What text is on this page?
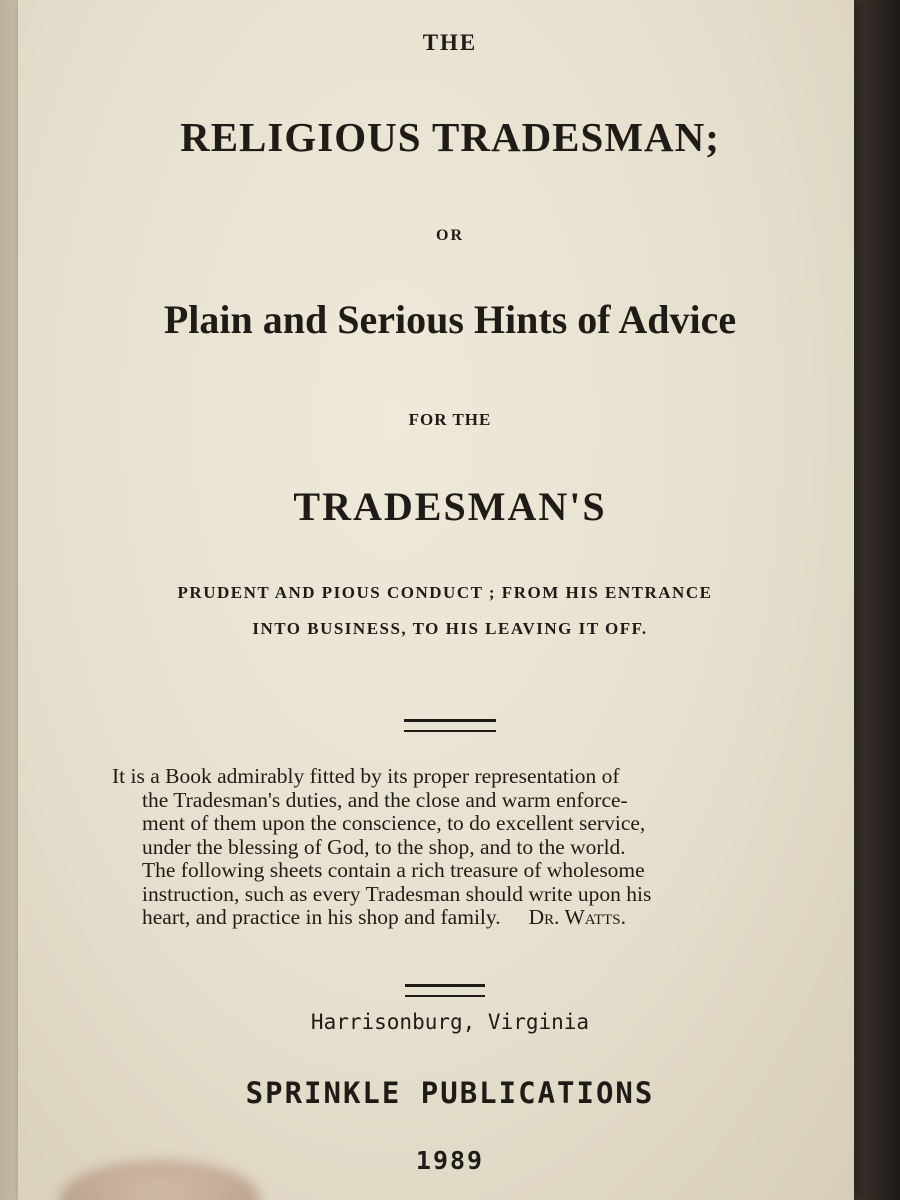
THE
RELIGIOUS TRADESMAN;
OR
Plain and Serious Hints of Advice
FOR THE
TRADESMAN'S
PRUDENT AND PIOUS CONDUCT ; FROM HIS ENTRANCE
INTO BUSINESS, TO HIS LEAVING IT OFF.
It is a Book admirably fitted by its proper representation of
the Tradesman's duties, and the close and warm enforce-
ment of them upon the conscience, to do excellent service,
under the blessing of God, to the shop, and to the world.
The following sheets contain a rich treasure of wholesome
instruction, such as every Tradesman should write upon his
heart, and practice in his shop and family. Dr. Watts.
Harrisonburg, Virginia
SPRINKLE PUBLICATIONS
1989
